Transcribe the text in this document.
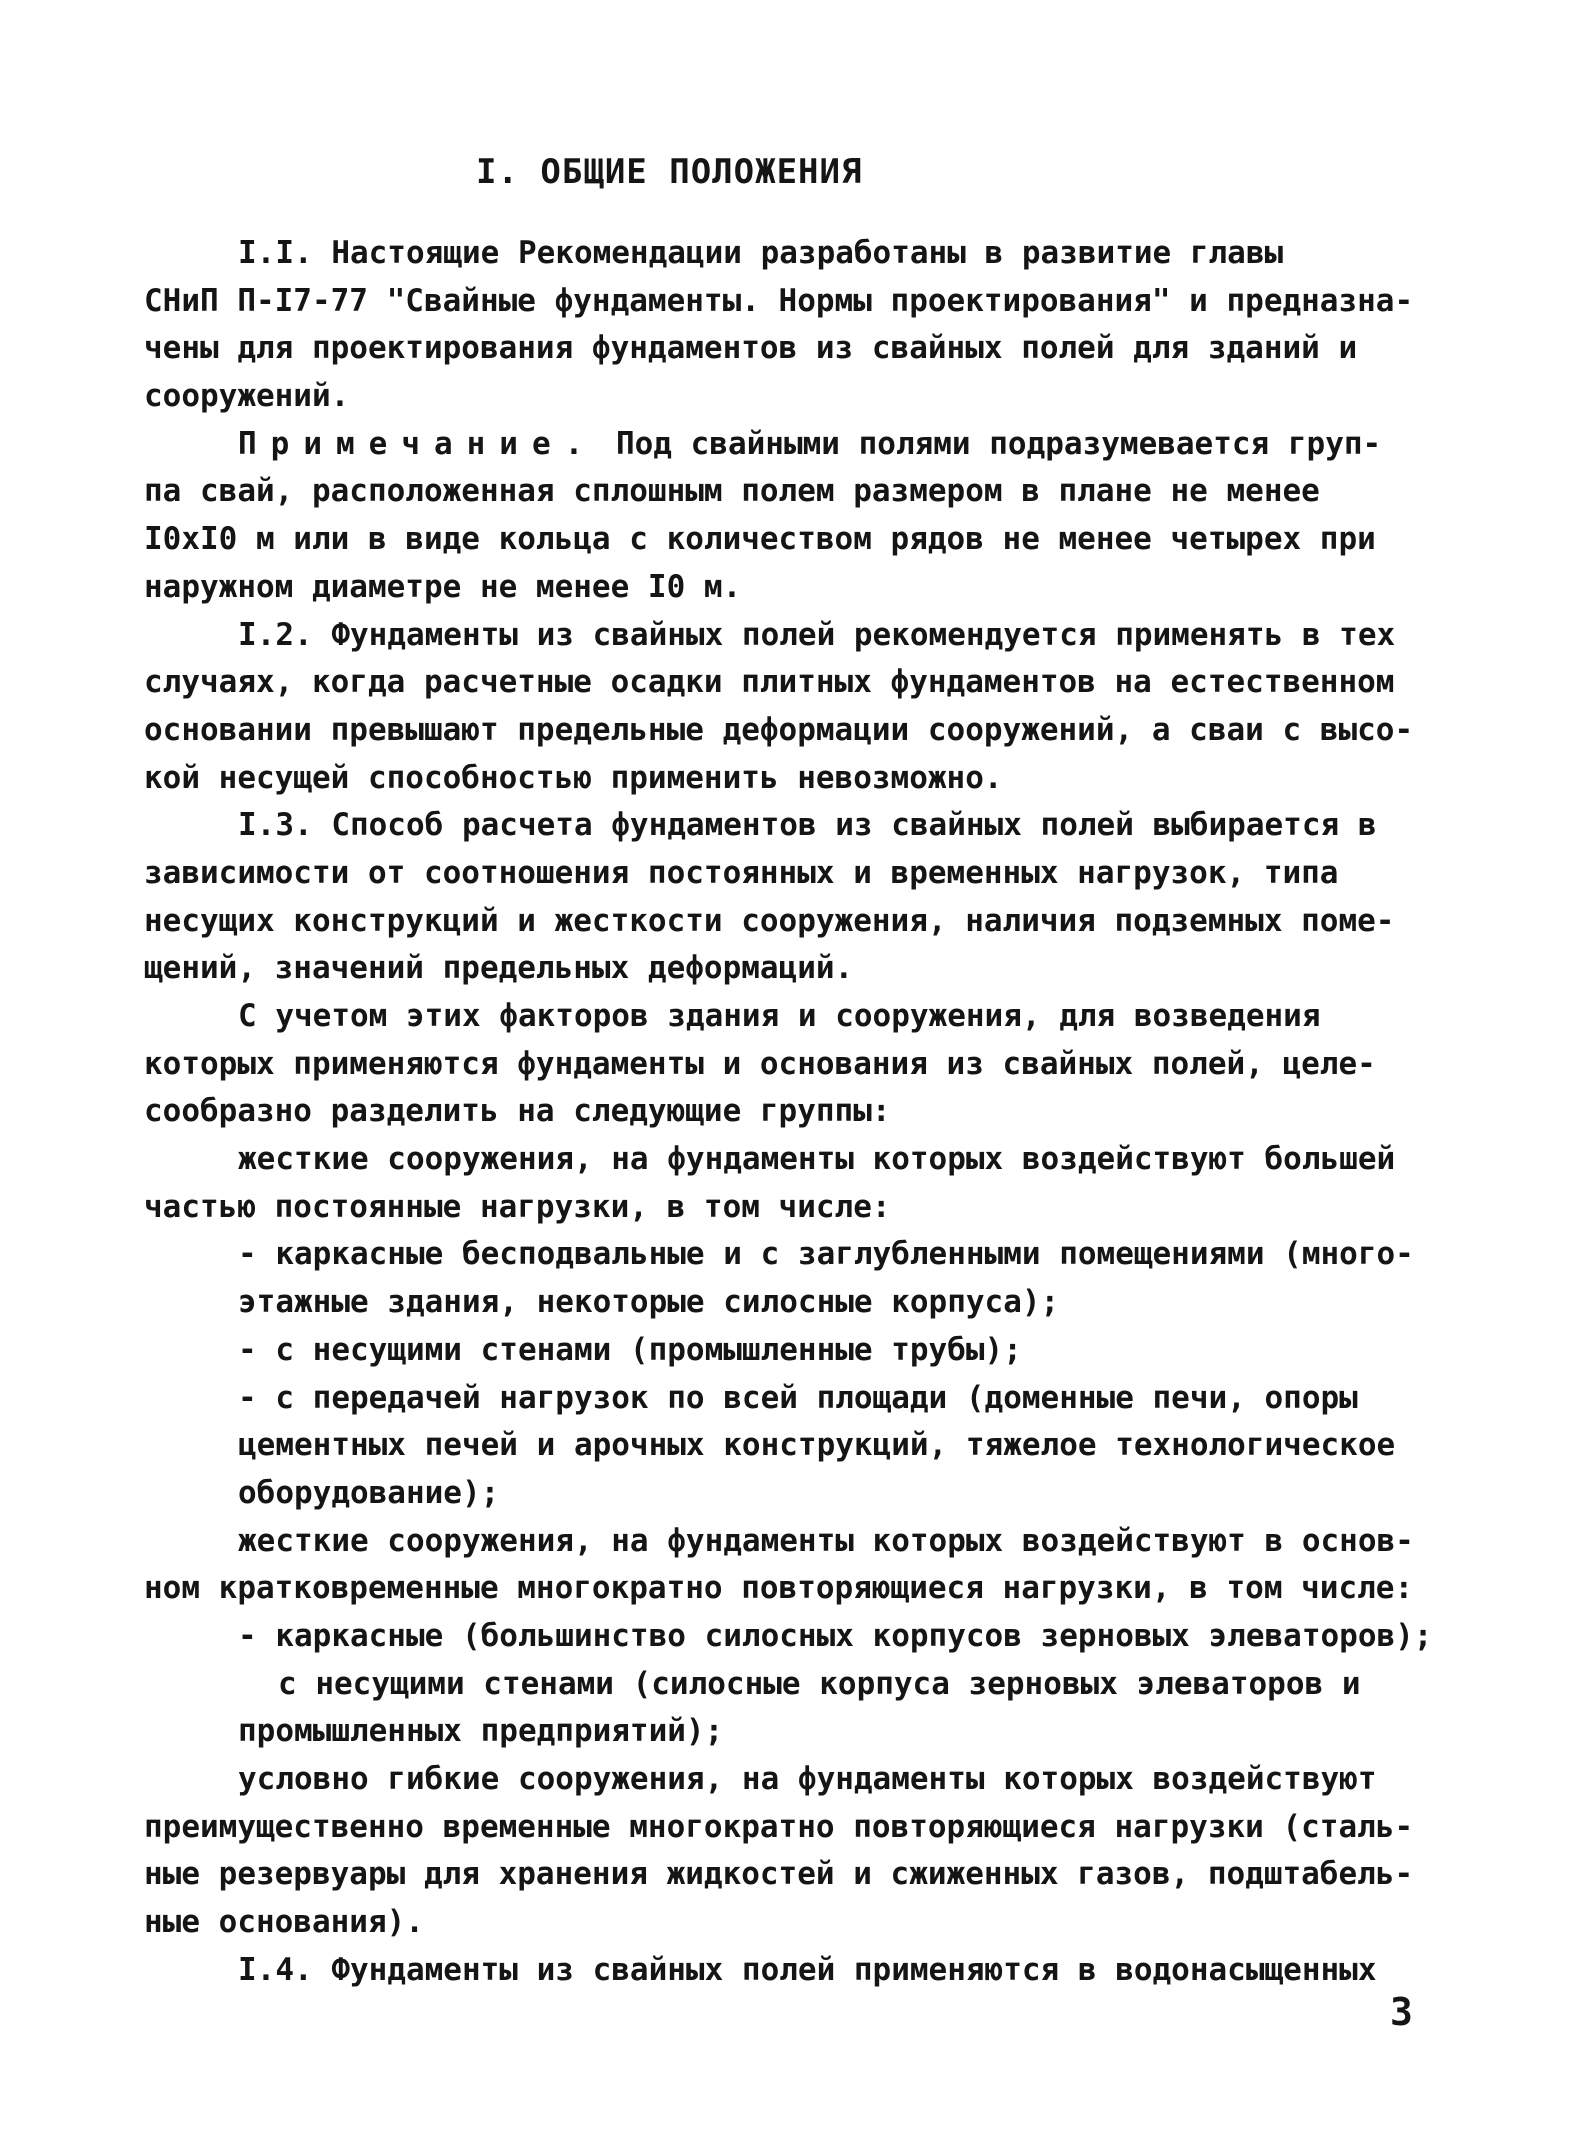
I. ОБЩИЕ ПОЛОЖЕНИЯ
I.I. Настоящие Рекомендации разработаны в развитие главы
СНиП П-I7-77 "Свайные фундаменты. Нормы проектирования" и предназна-
чены для проектирования фундаментов из свайных полей для зданий и
сооружений.
Примечание. Под свайными полями подразумевается груп-
па свай, расположенная сплошным полем размером в плане не менее
I0хI0 м или в виде кольца с количеством рядов не менее четырех при
наружном диаметре не менее I0 м.
I.2. Фундаменты из свайных полей рекомендуется применять в тех
случаях, когда расчетные осадки плитных фундаментов на естественном
основании превышают предельные деформации сооружений, а сваи с высо-
кой несущей способностью применить невозможно.
I.3. Способ расчета фундаментов из свайных полей выбирается в
зависимости от соотношения постоянных и временных нагрузок, типа
несущих конструкций и жесткости сооружения, наличия подземных поме-
щений, значений предельных деформаций.
С учетом этих факторов здания и сооружения, для возведения
которых применяются фундаменты и основания из свайных полей, целе-
сообразно разделить на следующие группы:
жесткие сооружения, на фундаменты которых воздействуют большей
частью постоянные нагрузки, в том числе:
- каркасные бесподвальные и с заглубленными помещениями (много-
этажные здания, некоторые силосные корпуса);
- с несущими стенами (промышленные трубы);
- с передачей нагрузок по всей площади (доменные печи, опоры
цементных печей и арочных конструкций, тяжелое технологическое
оборудование);
жесткие сооружения, на фундаменты которых воздействуют в основ-
ном кратковременные многократно повторяющиеся нагрузки, в том числе:
- каркасные (большинство силосных корпусов зерновых элеваторов);
с несущими стенами (силосные корпуса зерновых элеваторов и
промышленных предприятий);
условно гибкие сооружения, на фундаменты которых воздействуют
преимущественно временные многократно повторяющиеся нагрузки (сталь-
ные резервуары для хранения жидкостей и сжиженных газов, подштабель-
ные основания).
I.4. Фундаменты из свайных полей применяются в водонасыщенных
3
